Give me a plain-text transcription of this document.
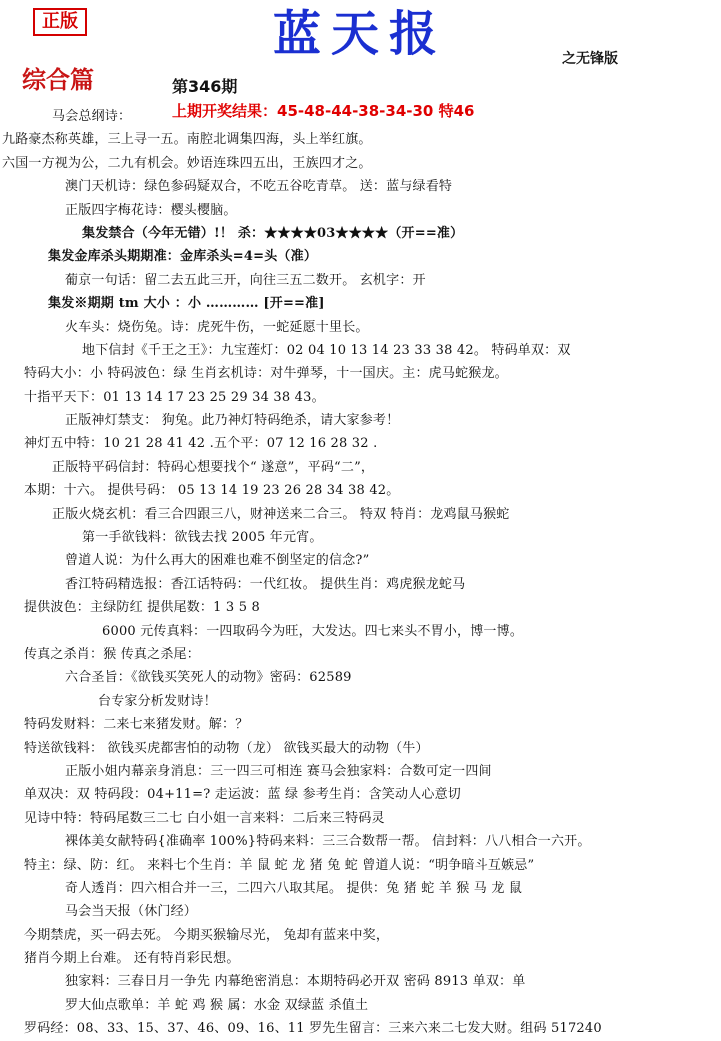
正版	蓝天报	之无锋版
综合篇	第346期
上期开奖结果：45-48-44-38-34-30 特46
马会总纲诗：
九路豪杰称英雄，三上寻一五。南腔北调集四海，头上举红旗。
六国一方视为公，二九有机会。妙语连珠四五出，王族四才之。
澳门天机诗：绿色参码疑双合，不吃五谷吃青草。 送：蓝与绿看特
正版四字梅花诗：樱头樱脑。
集发禁合（今年无错）!！ 杀：★★★★03★★★★（开==准）
集发金库杀头期期准：金库杀头=4=头（准）
葡京一句话：留二去五此三开，向往三五二数开。 玄机字：开
集发※期期 tm 大小 ：小 ………… [开==准]
火车头：烧伤兔。诗：虎死牛伤，一蛇延愿十里长。
地下信封《千王之王》：九宝莲灯：02 04 10 13 14 23 33 38 42。 特码单双：双
特码大小：小 特码波色：绿 生肖玄机诗：对牛弹琴，十一国庆。主：虎马蛇猴龙。
十指平天下：01 13 14 17 23 25 29 34 38 43。
正版神灯禁支： 狗兔。此乃神灯特码绝杀，请大家参考！
神灯五中特：10 21 28 41 42 .五个平：07 12 16 28 32 .
正版特平码信封：特码心想要找个“ 遂意”，平码“二”，
本期：十六。 提供号码： 05 13 14 19 23 26 28 34 38 42。
正版火烧玄机：看三合四跟三八，财神送来二合三。 特双 特肖：龙鸡鼠马猴蛇
第一手欲钱料：欲钱去找 2005 年元宵。
曾道人说：为什么再大的困难也难不倒坚定的信念?”
香江特码精选报：香江话特码：一代红妆。 提供生肖：鸡虎猴龙蛇马
提供波色：主绿防红 提供尾数：1 3 5 8
6000 元传真料：一四取码今为旺，大发达。四七来头不胃小，博一博。
传真之杀肖：猴 传真之杀尾：
六合圣旨：《欲钱买笑死人的动物》密码：62589
台专家分析发财诗！
特码发财料：二来七来猪发财。解：？
特送欲钱料： 欲钱买虎都害怕的动物（龙） 欲钱买最大的动物（牛）
正版小姐内幕亲身消息：三一四三可相连 赛马会独家料：合数可定一四间
单双决：双 特码段：04+11=? 走运波：蓝 绿 参考生肖：含笑动人心意切
见诗中特：特码尾数三二七 白小姐一言来料：二后来三特码灵
裸体美女献特码{准确率 100%}特码来料：三三合数帮一帮。 信封料：八八相合一六开。
特主：绿、防：红。 来料七个生肖：羊 鼠 蛇 龙 猪 兔 蛇 曾道人说：“明争暗斗互嫉忌”
奇人透肖：四六相合并一三，二四六八取其尾。 提供：兔 猪 蛇 羊 猴 马 龙 鼠
马会当天报（休门经）
今期禁虎，买一码去死。 今期买猴输尽光， 兔却有蓝来中奖，
猪肖今期上台难。 还有特肖彩民想。
独家料：三春日月一争先 内幕绝密消息：本期特码必开双 密码 8913 单双：单
罗大仙点歌单：羊 蛇 鸡 猴 属：水金 双绿蓝 杀值土
罗码经：08、33、15、37、46、09、16、11 罗先生留言：三来六来二七发大财。组码 517240
